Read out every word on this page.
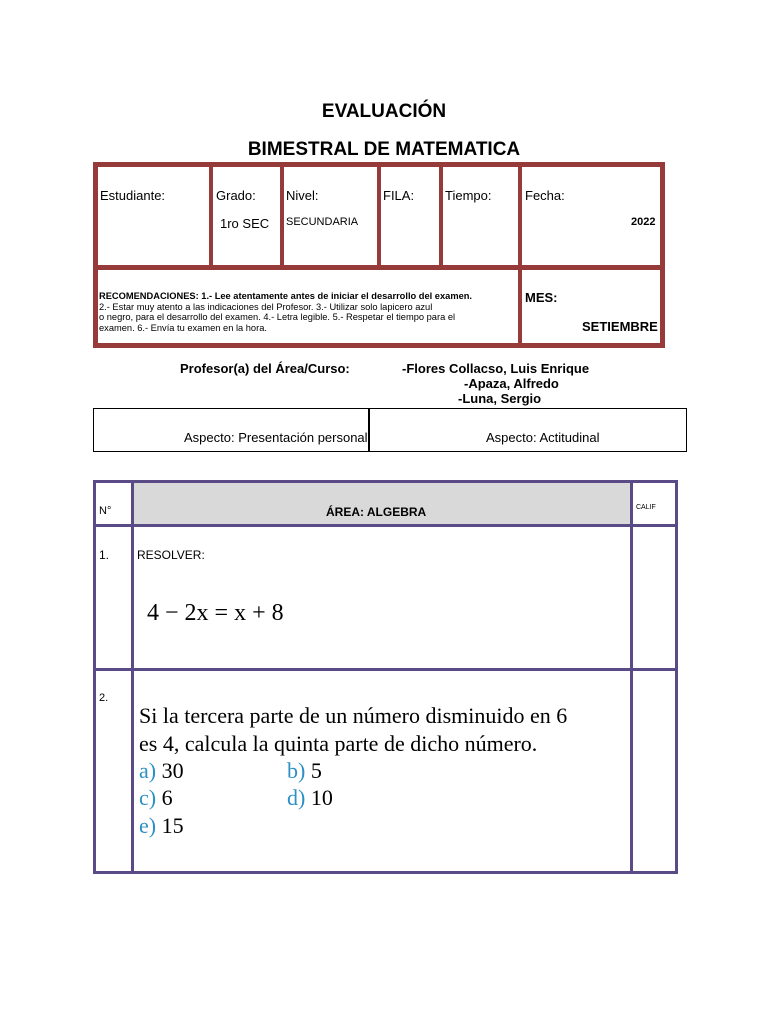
EVALUACIÓN
BIMESTRAL DE MATEMATICA
Estudiante:	Grado:
1ro SEC
Nivel:
SECUNDARIA
FILA: Tiempo:	Fecha:
2022
RECOMENDACIONES: 1.- Lee atentamente antes de iniciar el desarrollo del examen.
2.- Estar muy atento a las indicaciones del Profesor. 3.- Utilizar solo lapicero azul
o negro, para el desarrollo del examen. 4.- Letra legible. 5.- Respetar el tiempo para el
examen. 6.- Envía tu examen en la hora.
MES:
SETIEMBRE
Profesor(a) del Área/Curso:	-Flores Collacso, Luis Enrique
-Apaza, Alfredo
-Luna, Sergio
Aspecto: Presentación personal	Aspecto: Actitudinal
N°	ÁREA: ALGEBRA	CALIF
1. RESOLVER:
4 − 2x = x + 8
2.
Si la tercera parte de un número disminuido en 6
es 4, calcula la quinta parte de dicho número.
a) 30	b) 5
c) 6	d) 10
e) 15
